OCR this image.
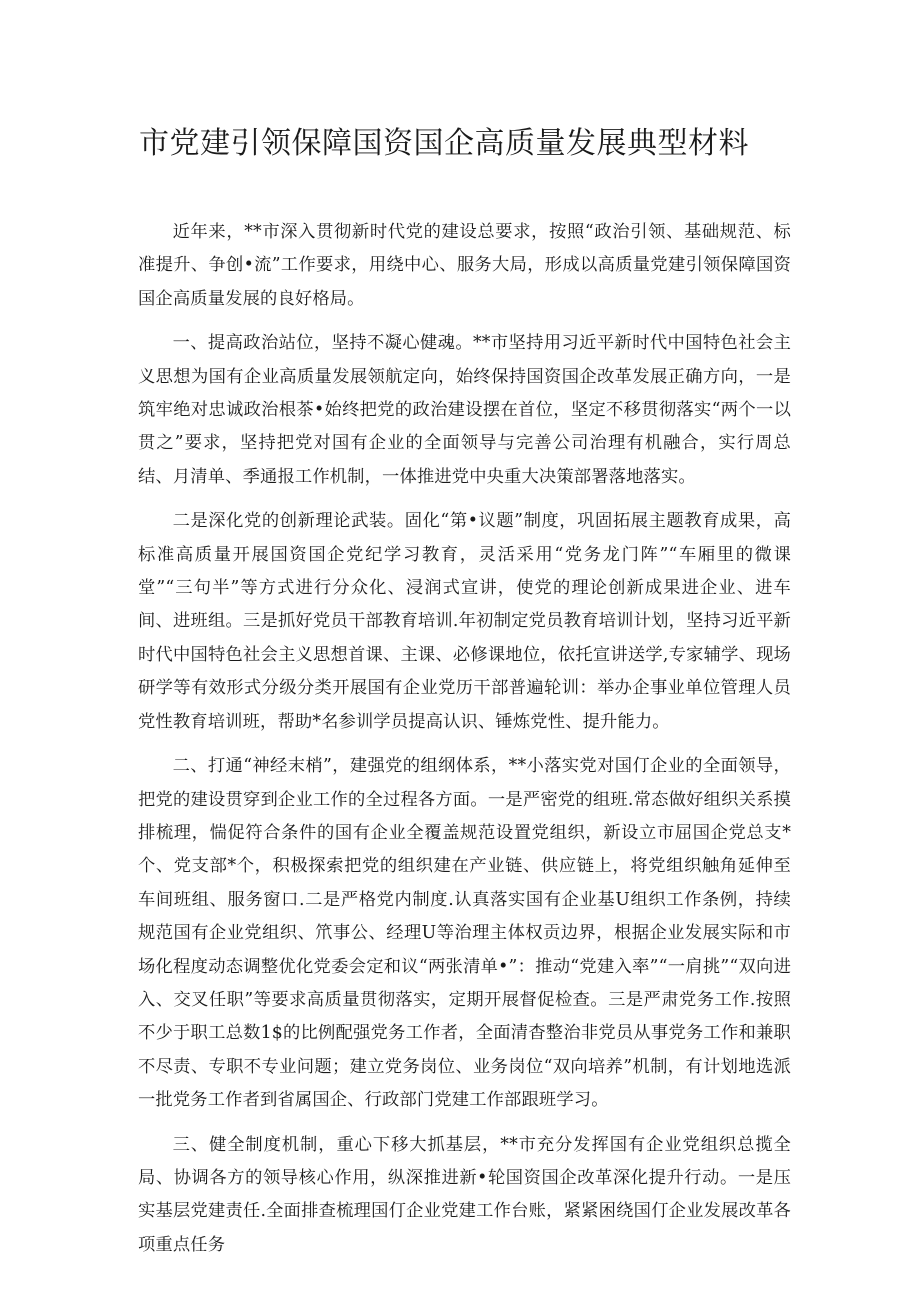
市党建引领保障国资国企高质量发展典型材料

近年来，**市深入贯彻新时代党的建设总要求，按照“政治引领、基础规范、标准提升、争创•流”工作要求，用绕中心、服务大局，形成以高质量党建引领保障国资国企高质量发展的良好格局。

一、提高政治站位，坚持不凝心健魂。**市坚持用习近平新时代中国特色社会主义思想为国有企业高质量发展领航定向，始终保持国资国企改革发展正确方向，一是筑牢绝对忠诚政治根茶•始终把党的政治建设摆在首位，坚定不移贯彻落实“两个一以贯之”要求，坚持把党对国有企业的全面领导与完善公司治理有机融合，实行周总结、月清单、季通报工作机制，一体推进党中央重大决策部署落地落实。

二是深化党的创新理论武装。固化“第•议题”制度，巩固拓展主题教育成果，高标准高质量开展国资国企党纪学习教育，灵活采用“党务龙门阵”“车厢里的微课堂”“三句半”等方式进行分众化、浸润式宣讲，使党的理论创新成果进企业、进车间、进班组。三是抓好党员干部教育培训.年初制定党员教育培训计划，坚持习近平新时代中国特色社会主义思想首课、主课、必修课地位，依托宣讲送学,专家辅学、现场研学等有效形式分级分类开展国有企业党历干部普遍轮训：举办企事业单位管理人员党性教育培训班，帮助*名参训学员提高认识、锤炼党性、提升能力。

二、打通“神经末梢”，建强党的组纲体系，**小落实党对国仃企业的全面领导，把党的建设贯穿到企业工作的全过程各方面。一是严密党的组班.常态做好组织关系摸排梳理，惴促符合条件的国有企业全覆盖规范设置党组织，新设立市屈国企党总支*个、党支部*个，积极探索把党的组织建在产业链、供应链上，将党组织触角延伸至车间班组、服务窗口.二是严格党内制度.认真落实国有企业基U组织工作条例，持续规范国有企业党组织、笊事公、经理U等治理主体权贡边界，根据企业发展实际和市场化程度动态调整优化党委会定和议“两张清单•”：推动“党建入率”“一肩挑”“双向进入、交叉任职”等要求高质量贯彻落实，定期开展督促检查。三是严肃党务工作.按照不少于职工总数1$的比例配强党务工作者，全面清杳整治非党员从事党务工作和兼职不尽责、专职不专业问题；建立党务岗位、业务岗位“双向培养”机制，有计划地选派一批党务工作者到省属国企、行政部门党建工作部跟班学习。

三、健全制度机制，重心下移大抓基层，**市充分发挥国有企业党组织总揽全局、协调各方的领导核心作用，纵深推进新•轮国资国企改革深化提升行动。一是压实基层党建责任.全面排查梳理国仃企业党建工作台账，紧紧困绕国仃企业发展改革各项重点任务
